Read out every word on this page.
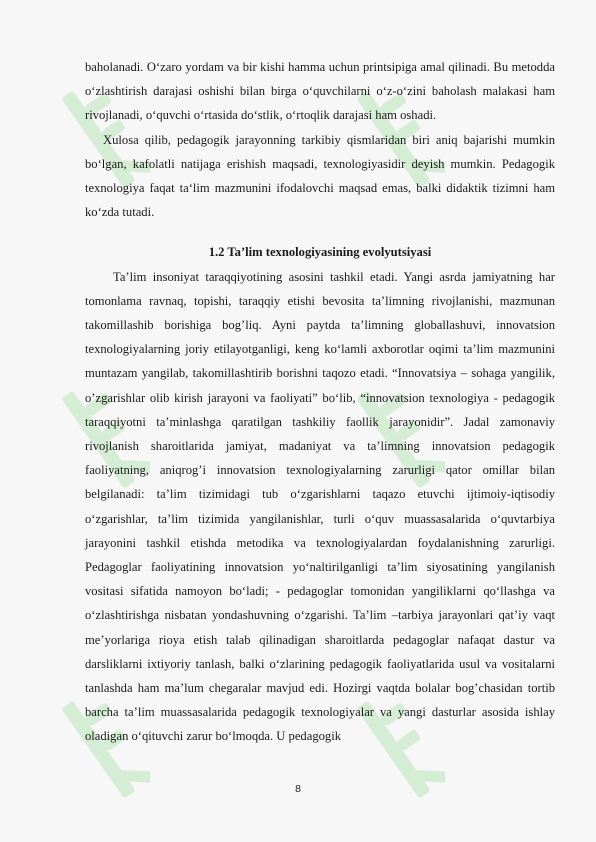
baholanadi. O‘zaro yordam va bir kishi hamma uchun printsipiga amal qilinadi. Bu metodda o‘zlashtirish darajasi oshishi bilan birga o‘quvchilarni o‘z-o‘zini baholash malakasi ham rivojlanadi, o‘quvchi o‘rtasida do‘stlik, o‘rtoqlik darajasi ham oshadi.

Xulosa qilib, pedagogik jarayonning tarkibiy qismlaridan biri aniq bajarishi mumkin bo‘lgan, kafolatli natijaga erishish maqsadi, texnologiyasidir deyish mumkin. Pedagogik texnologiya faqat ta‘lim mazmunini ifodalovchi maqsad emas, balki didaktik tizimni ham ko‘zda tutadi.

1.2 Ta’lim texnologiyasining evolyutsiyasi

Ta’lim insoniyat taraqqiyotining asosini tashkil etadi. Yangi asrda jamiyatning har tomonlama ravnaq, topishi, taraqqiy etishi bevosita ta’limning rivojlanishi, mazmunan takomillashib borishiga bog’liq. Ayni paytda ta’limning globallashuvi, innovatsion texnologiyalarning joriy etilayotganligi, keng ko‘lamli axborotlar oqimi ta’lim mazmunini muntazam yangilab, takomillashtirib borishni taqozo etadi. “Innovatsiya – sohaga yangilik, o’zgarishlar olib kirish jarayoni va faoliyati” bo‘lib, “innovatsion texnologiya - pedagogik taraqqiyotni ta’minlashga qaratilgan tashkiliy faollik jarayonidir”. Jadal zamonaviy rivojlanish sharoitlarida jamiyat, madaniyat va ta’limning innovatsion pedagogik faoliyatning, aniqrog’i innovatsion texnologiyalarning zarurligi qator omillar bilan belgilanadi: ta’lim tizimidagi tub o‘zgarishlarni taqazo etuvchi ijtimoiy-iqtisodiy o‘zgarishlar, ta’lim tizimida yangilanishlar, turli o‘quv muassasalarida o‘quvtarbiya jarayonini tashkil etishda metodika va texnologiyalardan foydalanishning zarurligi. Pedagoglar faoliyatining innovatsion yo‘naltirilganligi ta’lim siyosatining yangilanish vositasi sifatida namoyon bo‘ladi; - pedagoglar tomonidan yangiliklarni qo‘llashga va o‘zlashtirishga nisbatan yondashuvning o‘zgarishi. Ta’lim –tarbiya jarayonlari qat’iy vaqt me’yorlariga rioya etish talab qilinadigan sharoitlarda pedagoglar nafaqat dastur va darsliklarni ixtiyoriy tanlash, balki o‘zlarining pedagogik faoliyatlarida usul va vositalarni tanlashda ham ma’lum chegaralar mavjud edi. Hozirgi vaqtda bolalar bog’chasidan tortib barcha ta’lim muassasalarida pedagogik texnologiyalar va yangi dasturlar asosida ishlay oladigan o‘qituvchi zarur bo‘lmoqda. U pedagogik

8
